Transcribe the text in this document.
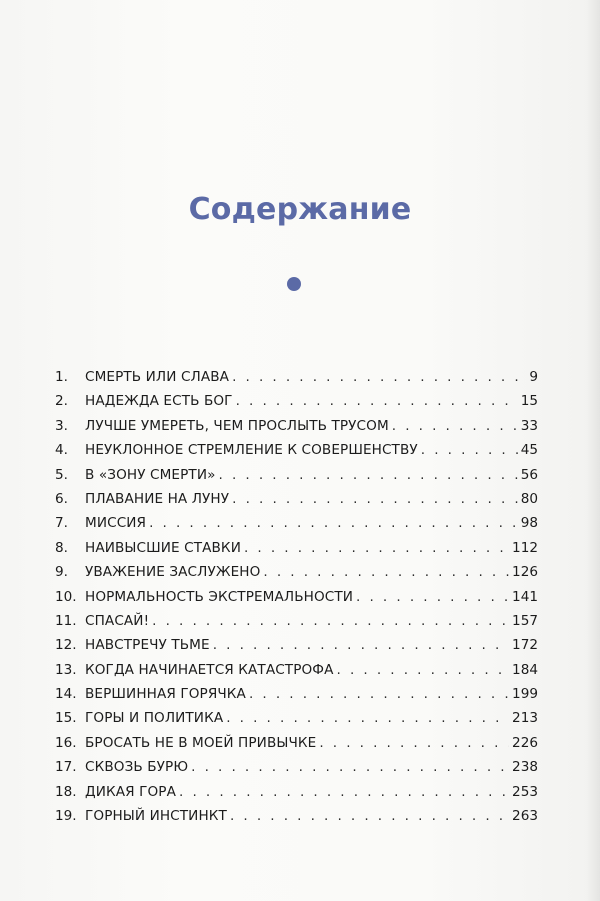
Содержание
1.	СМЕРТЬ ИЛИ СЛАВА . . .	9
2.	НАДЕЖДА ЕСТЬ БОГ . . .	15
3.	ЛУЧШЕ УМЕРЕТЬ, ЧЕМ ПРОСЛЫТЬ ТРУСОМ . . .	33
4.	НЕУКЛОННОЕ СТРЕМЛЕНИЕ К СОВЕРШЕНСТВУ . . .	45
5.	В «ЗОНУ СМЕРТИ» . . .	56
6.	ПЛАВАНИЕ НА ЛУНУ . . .	80
7.	МИССИЯ . . .	98
8.	НАИВЫСШИЕ СТАВКИ . . .	112
9.	УВАЖЕНИЕ ЗАСЛУЖЕНО . . .	126
10. НОРМАЛЬНОСТЬ ЭКСТРЕМАЛЬНОСТИ . . .	141
11. СПАСАЙ! . . .	157
12. НАВСТРЕЧУ ТЬМЕ . . .	172
13. КОГДА НАЧИНАЕТСЯ КАТАСТРОФА . . .	184
14. ВЕРШИННАЯ ГОРЯЧКА . . .	199
15. ГОРЫ И ПОЛИТИКА . . .	213
16. БРОСАТЬ НЕ В МОЕЙ ПРИВЫЧКЕ . . .	226
17. СКВОЗЬ БУРЮ . . .	238
18. ДИКАЯ ГОРА . . .	253
19. ГОРНЫЙ ИНСТИНКТ . . .	263
